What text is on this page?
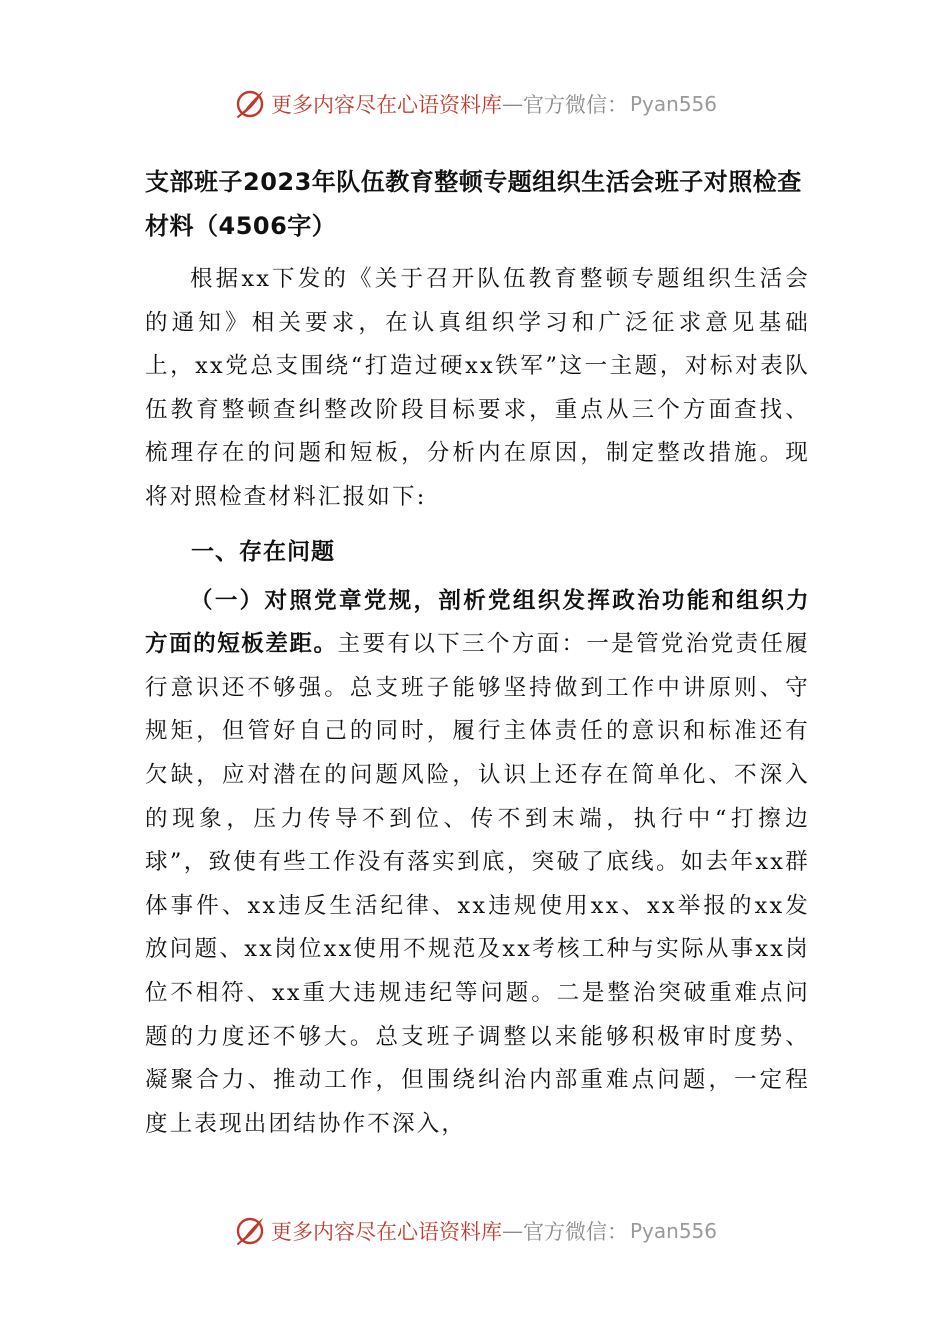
更多内容尽在心语资料库 — 官方微信： Pyan556
支部班子2023年队伍教育整顿专题组织生活会班子对照检查材料（4506字）

根据xx下发的《关于召开队伍教育整顿专题组织生活会的通知》相关要求，在认真组织学习和广泛征求意见基础上，xx党总支围绕“打造过硬xx铁军”这一主题，对标对表队伍教育整顿查纠整改阶段目标要求，重点从三个方面查找、梳理存在的问题和短板，分析内在原因，制定整改措施。现将对照检查材料汇报如下:

一、存在问题

（一）对照党章党规，剖析党组织发挥政治功能和组织力方面的短板差距。主要有以下三个方面：一是管党治党责任履行意识还不够强。总支班子能够坚持做到工作中讲原则、守规矩，但管好自己的同时，履行主体责任的意识和标准还有欠缺，应对潜在的问题风险，认识上还存在简单化、不深入的现象，压力传导不到位、传不到末端，执行中“打擦边球”，致使有些工作没有落实到底，突破了底线。如去年xx群体事件、xx违反生活纪律、xx违规使用xx、xx举报的xx发放问题、xx岗位xx使用不规范及xx考核工种与实际从事xx岗位不相符、xx重大违规违纪等问题。二是整治突破重难点问题的力度还不够大。总支班子调整以来能够积极审时度势、凝聚合力、推动工作，但围绕纠治内部重难点问题，一定程度上表现出团结协作不深入，

更多内容尽在心语资料库 — 官方微信： Pyan556
